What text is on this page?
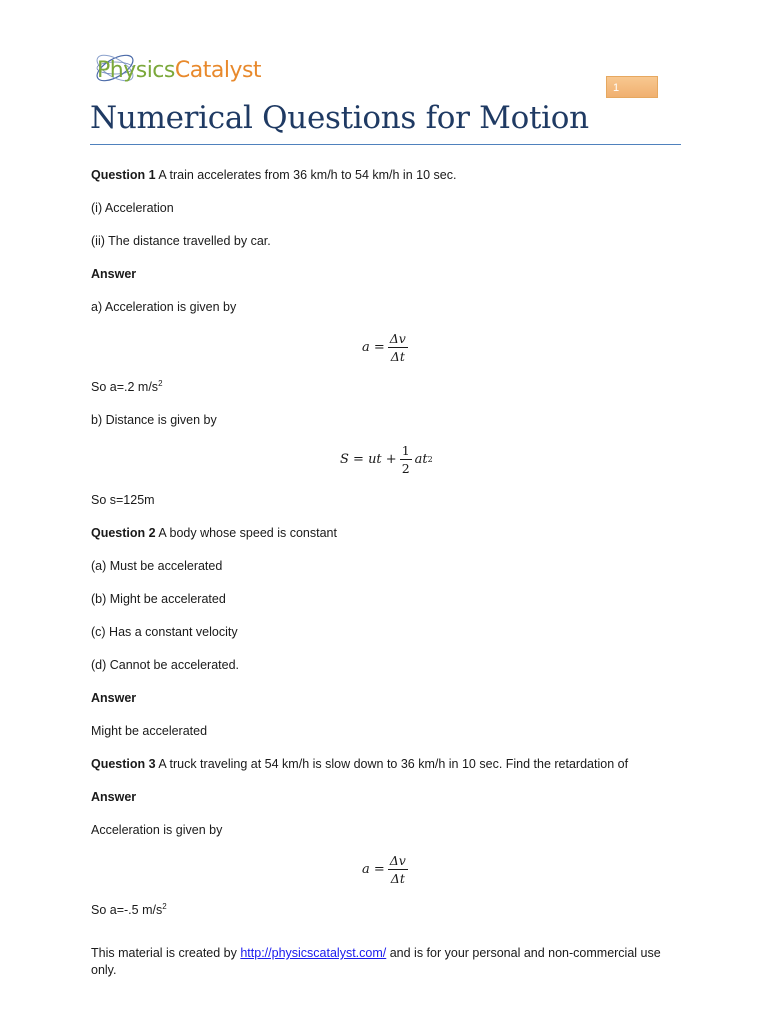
PhysicsCatalyst
1
Numerical Questions for Motion
Question 1 A train accelerates from 36 km/h to 54 km/h in 10 sec.
(i) Acceleration
(ii) The distance travelled by car.
Answer
a) Acceleration is given by
$a = \frac{\Delta v}{\Delta t}$
So a=.2 $m/s^2$
b) Distance is given by
S = ut + $\frac{1}{2}$ at 2
So s=125m
Question 2 A body whose speed is constant
(a) Must be accelerated
(b) Might be accelerated
(c) Has a constant velocity
(d) Cannot be accelerated.
Answer
Might be accelerated
Question 3 A truck traveling at 54 km/h is slow down to 36 km/h in 10 sec. Find the retardation of
Answer
Acceleration is given by
$a = \frac{\Delta v}{\Delta t}$
So a=-.5 $m/s^2$
This material is created by http://physicscatalyst.com/ and is for your personal and non-commercial use
only.
